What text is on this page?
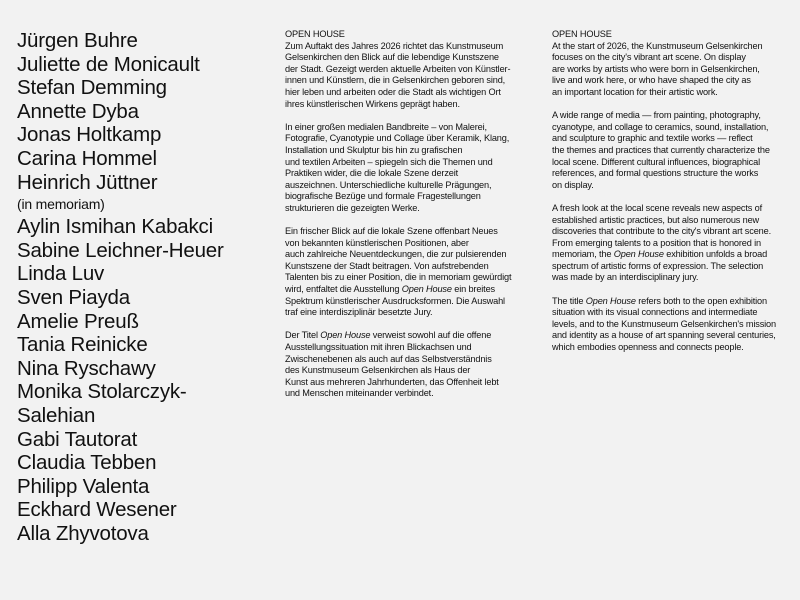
Jürgen Buhre
Juliette de Monicault
Stefan Demming
Annette Dyba
Jonas Holtkamp
Carina Hommel
Heinrich Jüttner
(in memoriam)
Aylin Ismihan Kabakci
Sabine Leichner-Heuer
Linda Luv
Sven Piayda
Amelie Preuß
Tania Reinicke
Nina Ryschawy
Monika Stolarczyk-
Salehian
Gabi Tautorat
Claudia Tebben
Philipp Valenta
Eckhard Wesener
Alla Zhyvotova
OPEN HOUSE
Zum Auftakt des Jahres 2026 richtet das Kunstmuseum
Gelsenkirchen den Blick auf die lebendige Kunstszene
der Stadt. Gezeigt werden aktuelle Arbeiten von Künstler-
innen und Künstlern, die in Gelsenkirchen geboren sind,
hier leben und arbeiten oder die Stadt als wichtigen Ort
ihres künstlerischen Wirkens geprägt haben.
In einer großen medialen Bandbreite – von Malerei,
Fotografie, Cyanotypie und Collage über Keramik, Klang,
Installation und Skulptur bis hin zu grafischen
und textilen Arbeiten – spiegeln sich die Themen und
Praktiken wider, die die lokale Szene derzeit
auszeichnen. Unterschiedliche kulturelle Prägungen,
biografische Bezüge und formale Fragestellungen
strukturieren die gezeigten Werke.
Ein frischer Blick auf die lokale Szene offenbart Neues
von bekannten künstlerischen Positionen, aber
auch zahlreiche Neuentdeckungen, die zur pulsierenden
Kunstszene der Stadt beitragen. Von aufstrebenden
Talenten bis zu einer Position, die in memoriam gewürdigt
wird, entfaltet die Ausstellung Open House ein breites
Spektrum künstlerischer Ausdrucksformen. Die Auswahl
traf eine interdisziplinär besetzte Jury.
Der Titel Open House verweist sowohl auf die offene
Ausstellungssituation mit ihren Blickachsen und
Zwischenebenen als auch auf das Selbstverständnis
des Kunstmuseum Gelsenkirchen als Haus der
Kunst aus mehreren Jahrhunderten, das Offenheit lebt
und Menschen miteinander verbindet.
OPEN HOUSE
At the start of 2026, the Kunstmuseum Gelsenkirchen
focuses on the city's vibrant art scene. On display
are works by artists who were born in Gelsenkirchen,
live and work here, or who have shaped the city as
an important location for their artistic work.
A wide range of media — from painting, photography,
cyanotype, and collage to ceramics, sound, installation,
and sculpture to graphic and textile works — reflect
the themes and practices that currently characterize the
local scene. Different cultural influences, biographical
references, and formal questions structure the works
on display.
A fresh look at the local scene reveals new aspects of
established artistic practices, but also numerous new
discoveries that contribute to the city's vibrant art scene.
From emerging talents to a position that is honored in
memoriam, the Open House exhibition unfolds a broad
spectrum of artistic forms of expression. The selection
was made by an interdisciplinary jury.
The title Open House refers both to the open exhibition
situation with its visual connections and intermediate
levels, and to the Kunstmuseum Gelsenkirchen's mission
and identity as a house of art spanning several centuries,
which embodies openness and connects people.
